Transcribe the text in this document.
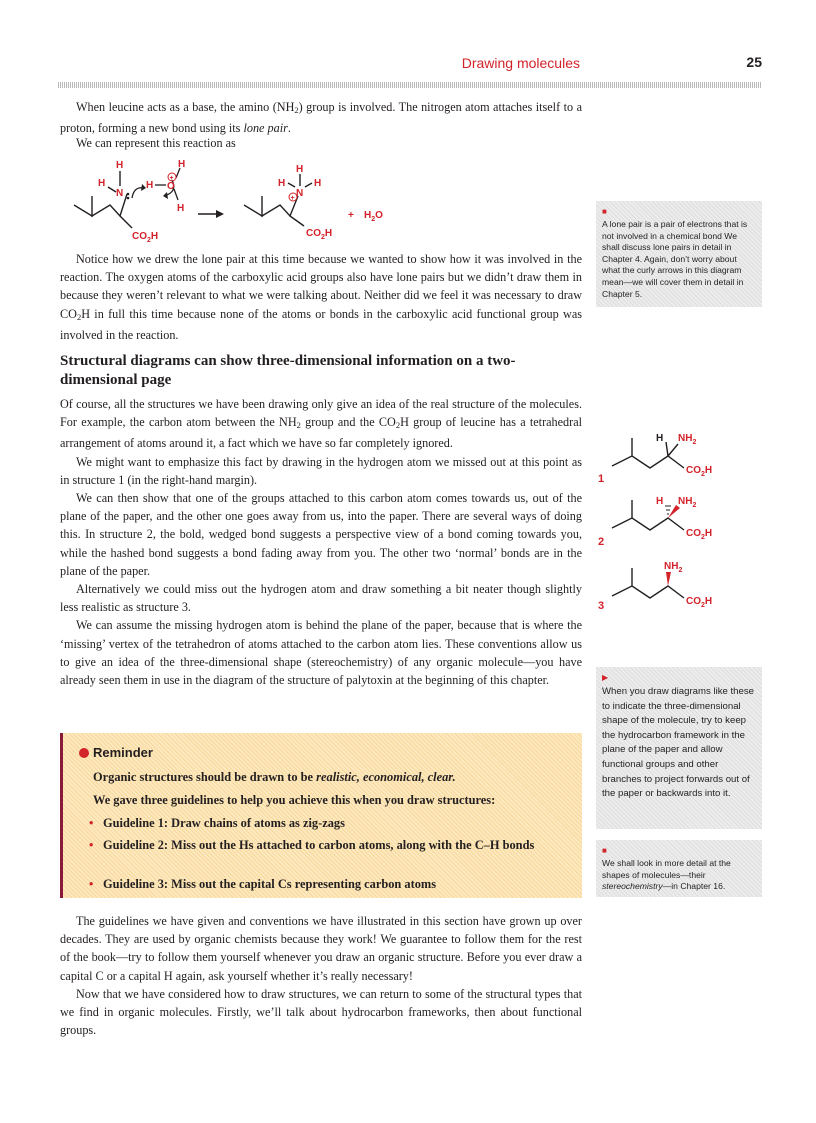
Drawing molecules	25
When leucine acts as a base, the amino $(NH_2)$ group is involved. The nitrogen atom attaches itself to a proton, forming a new bond using its lone pair.
We can represent this reaction as
+
H
H
N
H O
H
H
$CO_2H$
+
H
H	H
N
$CO_2H$
+ $H_2O$
Notice how we drew the lone pair at this time because we wanted to show how it was involved in the reaction. The oxygen atoms of the carboxylic acid groups also have lone pairs but we didn’t draw them in because they weren’t relevant to what we were talking about. Neither did we feel it was necessary to draw $CO_2H$ in full this time because none of the atoms or bonds in the carboxylic acid functional group was involved in the reaction.
Structural diagrams can show three-dimensional information on a two-dimensional page
Of course, all the structures we have been drawing only give an idea of the real structure of the molecules. For example, the carbon atom between the $NH_2$ group and the $CO_2H$ group of leucine has a tetrahedral arrangement of atoms around it, a fact which we have so far completely ignored.

We might want to emphasize this fact by drawing in the hydrogen atom we missed out at this point as in structure 1 (in the right-hand margin).

We can then show that one of the groups attached to this carbon atom comes towards us, out of the plane of the paper, and the other one goes away from us, into the paper. There are several ways of doing this. In structure 2, the bold, wedged bond suggests a perspective view of a bond coming towards you, while the hashed bond suggests a bond fading away from you. The other two ‘normal’ bonds are in the plane of the paper.

Alternatively we could miss out the hydrogen atom and draw something a bit neater though slightly less realistic as structure 3.

We can assume the missing hydrogen atom is behind the plane of the paper, because that is where the ‘missing’ vertex of the tetrahedron of atoms attached to the carbon atom lies. These conventions allow us to give an idea of the three-dimensional shape (stereochemistry) of any organic molecule—you have already seen them in use in the diagram of the structure of palytoxin at the beginning of this chapter.

1
H $NH_2$
$CO_2H$
2
H $NH_2$
$CO_2H$
3
$NH_2$
$CO_2H$
■
A lone pair is a pair of electrons that is not involved in a chemical bond We shall discuss lone pairs in detail in Chapter 4. Again, don’t worry about what the curly arrows in this diagram mean—we will cover them in detail in Chapter 5.
▶
When you draw diagrams like these to indicate the three-dimensional shape of the molecule, try to keep the hydrocarbon framework in the plane of the paper and allow functional groups and other branches to project forwards out of the paper or backwards into it.
■
We shall look in more detail at the shapes of molecules—their stereochemistry—in Chapter 16.
Reminder
Organic structures should be drawn to be realistic, economical, clear.
We gave three guidelines to help you achieve this when you draw structures:
• Guideline 1: Draw chains of atoms as zig-zags
• Guideline 2: Miss out the Hs attached to carbon atoms, along with the C–H bonds
• Guideline 3: Miss out the capital Cs representing carbon atoms

The guidelines we have given and conventions we have illustrated in this section have grown up over decades. They are used by organic chemists because they work! We guarantee to follow them for the rest of the book—try to follow them yourself whenever you draw an organic structure. Before you ever draw a capital C or a capital H again, ask yourself whether it’s really necessary!

Now that we have considered how to draw structures, we can return to some of the structural types that we find in organic molecules. Firstly, we’ll talk about hydrocarbon frameworks, then about functional groups.
